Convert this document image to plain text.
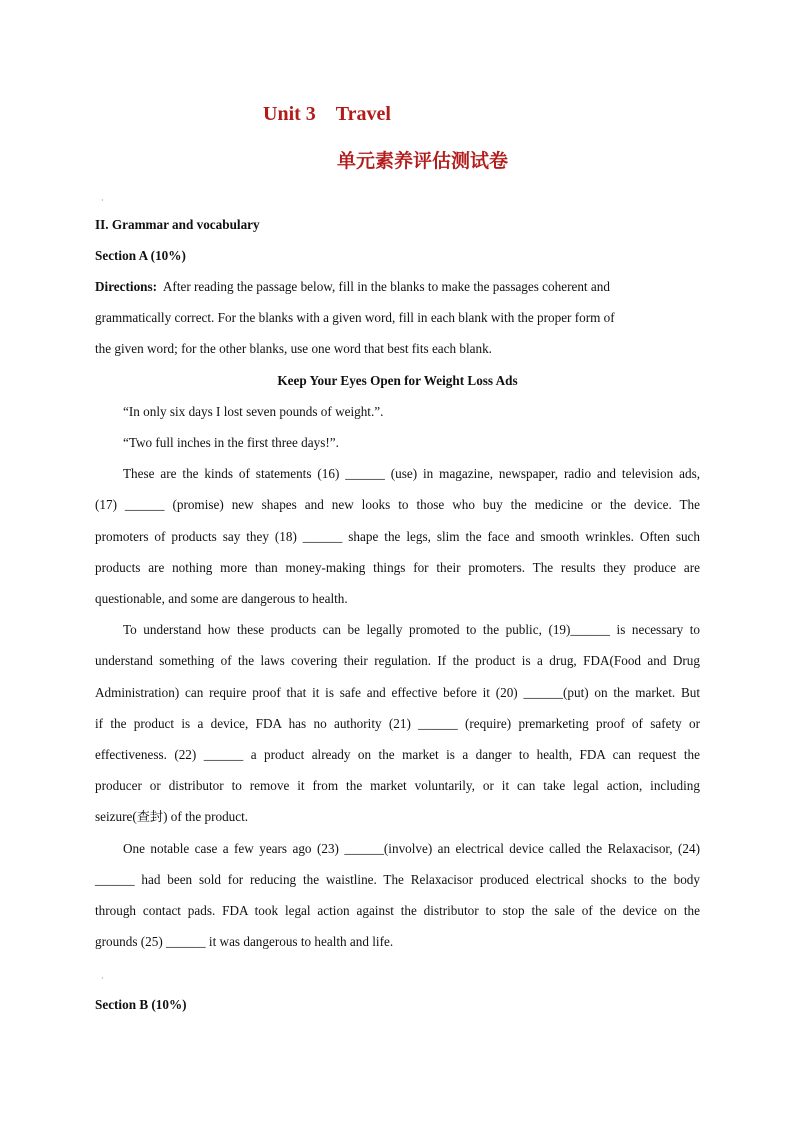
Unit 3 Travel
单元素养评估测试卷
·
II. Grammar and vocabulary
Section A (10%)
Directions: After reading the passage below, fill in the blanks to make the passages coherent and
grammatically correct. For the blanks with a given word, fill in each blank with the proper form of
the given word; for the other blanks, use one word that best fits each blank.
Keep Your Eyes Open for Weight Loss Ads
“In only six days I lost seven pounds of weight.”.
“Two full inches in the first three days!”.
These are the kinds of statements (16) ______ (use) in magazine, newspaper, radio and television ads,
(17) ______ (promise) new shapes and new looks to those who buy the medicine or the device. The
promoters of products say they (18) ______ shape the legs, slim the face and smooth wrinkles. Often such
products are nothing more than money-making things for their promoters. The results they produce are
questionable, and some are dangerous to health.
To understand how these products can be legally promoted to the public, (19)______ is necessary to
understand something of the laws covering their regulation. If the product is a drug, FDA(Food and Drug
Administration) can require proof that it is safe and effective before it (20) ______(put) on the market. But
if the product is a device, FDA has no authority (21) ______ (require) premarketing proof of safety or
effectiveness. (22) ______ a product already on the market is a danger to health, FDA can request the
producer or distributor to remove it from the market voluntarily, or it can take legal action, including
seizure(查封) of the product.
One notable case a few years ago (23) ______(involve) an electrical device called the Relaxacisor, (24)
______ had been sold for reducing the waistline. The Relaxacisor produced electrical shocks to the body
through contact pads. FDA took legal action against the distributor to stop the sale of the device on the
grounds (25) ______ it was dangerous to health and life.
·
Section B (10%)
